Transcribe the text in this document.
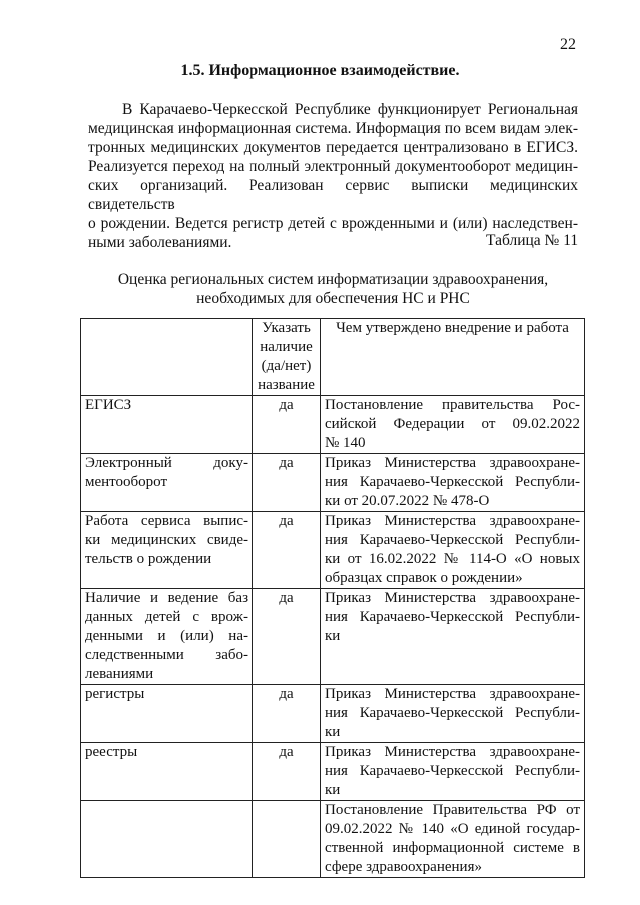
22
1.5. Информационное взаимодействие.
В Карачаево-Черкесской Республике функционирует Региональная
медицинская информационная система. Информация по всем видам элек-
тронных медицинских документов передается централизовано в ЕГИСЗ.
Реализуется переход на полный электронный документооборот медицин-
ских организаций. Реализован сервис выписки медицинских свидетельств
о рождении. Ведется регистр детей с врожденными и (или) наследствен-
ными заболеваниями.	Таблица № 11
Оценка региональных систем информатизации здравоохранения,
необходимых для обеспечения НС и РНС

	Указать
наличие
(да/нет)
название	Чем утверждено внедрение и работа

ЕГИСЗ	да	Постановление правительства Рос-
сийской Федерации от 09.02.2022
№ 140

Электронный доку-
ментооборот	да	Приказ Министерства здравоохране-
ния Карачаево-Черкесской Республи-
ки от 20.07.2022 № 478-О

Работа сервиса выпис-
ки медицинских свиде-
тельств о рождении	да	Приказ Министерства здравоохране-
ния Карачаево-Черкесской Республи-
ки от 16.02.2022 № 114-О «О новых
образцах справок о рождении»

Наличие и ведение баз
данных детей с врож-
денными и (или) на-
следственными забо-
леваниями	да	Приказ Министерства здравоохране-
ния Карачаево-Черкесской Республи-
ки

регистры	да	Приказ Министерства здравоохране-
ния Карачаево-Черкесской Республи-
ки

реестры	да	Приказ Министерства здравоохране-
ния Карачаево-Черкесской Республи-
ки

		Постановление Правительства РФ от
09.02.2022 № 140 «О единой государ-
ственной информационной системе в
сфере здравоохранения»
